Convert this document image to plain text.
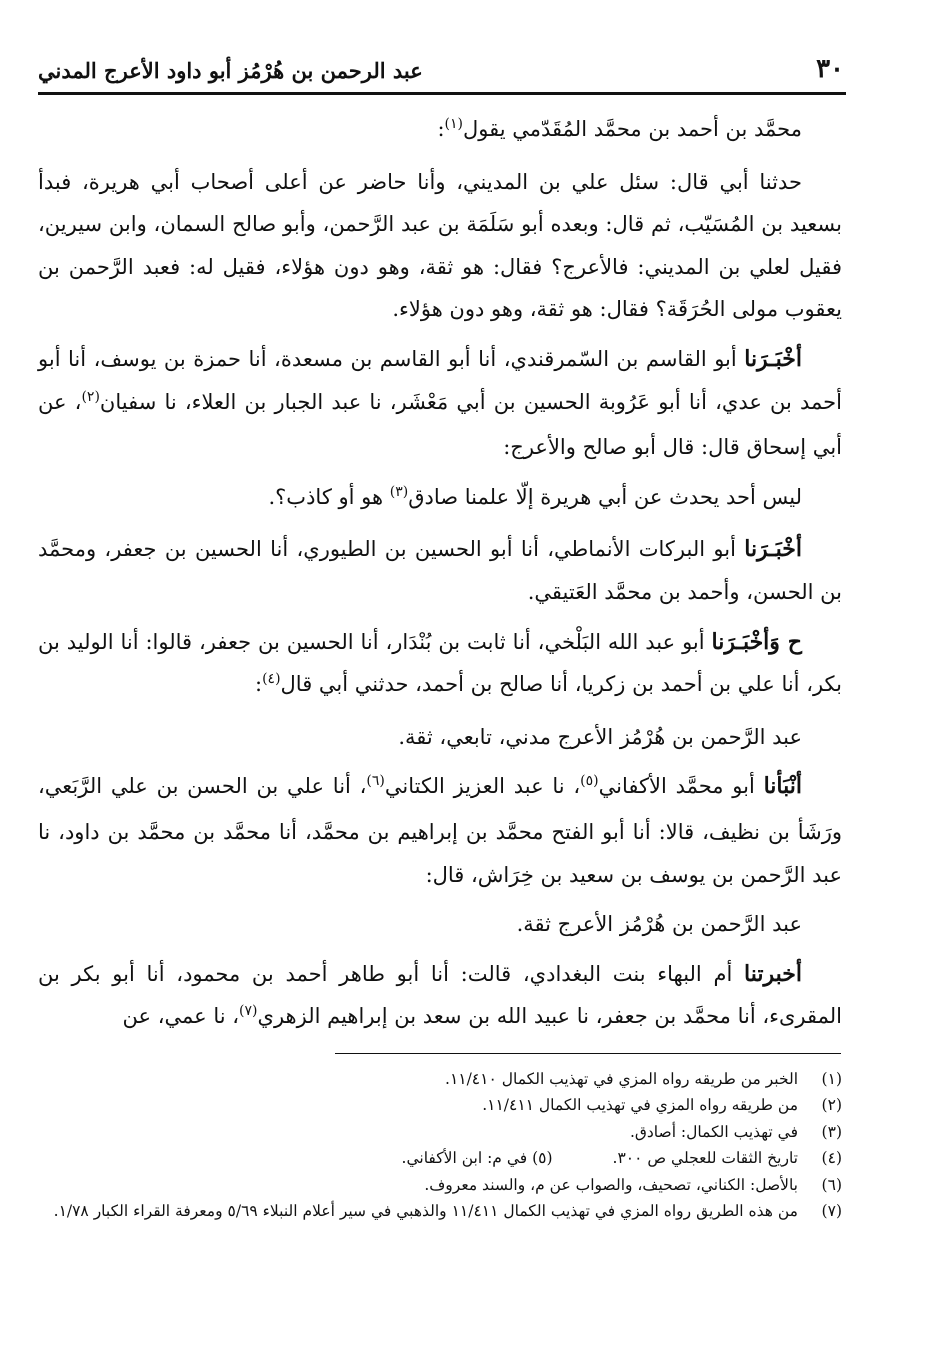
٣٠
عبد الرحمن بن هُرْمُز أبو داود الأعرج المدني

محمَّد بن أحمد بن محمَّد المُقَدّمي يقول$^{(١)}$:

حدثنا أبي قال: سئل علي بن المديني، وأنا حاضر عن أعلى أصحاب أبي هريرة، فبدأ بسعيد بن المُسَيّب، ثم قال: وبعده أبو سَلَمَة بن عبد الرَّحمن، وأبو صالح السمان، وابن سيرين، فقيل لعلي بن المديني: فالأعرج؟ فقال: هو ثقة، وهو دون هؤلاء، فقيل له: فعبد الرَّحمن بن يعقوب مولى الحُرَقَة؟ فقال: هو ثقة، وهو دون هؤلاء.

أخْبَـرَنا أبو القاسم بن السّمرقندي، أنا أبو القاسم بن مسعدة، أنا حمزة بن يوسف، أنا أبو أحمد بن عدي، أنا أبو عَرُوبة الحسين بن أبي مَعْشَر، نا عبد الجبار بن العلاء، نا سفيان$^{(٢)}$، عن أبي إسحاق قال: قال أبو صالح والأعرج:

ليس أحد يحدث عن أبي هريرة إلّا علمنا صادق$^{(٣)}$ هو أو كاذب؟.

أخْبَـرَنا أبو البركات الأنماطي، أنا أبو الحسين بن الطيوري، أنا الحسين بن جعفر، ومحمَّد بن الحسن، وأحمد بن محمَّد العَتيقي.

ح وَأخْبَـرَنا أبو عبد الله البَلْخي، أنا ثابت بن بُنْدَار، أنا الحسين بن جعفر، قالوا: أنا الوليد بن بكر، أنا علي بن أحمد بن زكريا، أنا صالح بن أحمد، حدثني أبي قال$^{(٤)}$:

عبد الرَّحمن بن هُرْمُز الأعرج مدني، تابعي، ثقة.

أنْبَأنا أبو محمَّد الأكفاني$^{(٥)}$، نا عبد العزيز الكتاني$^{(٦)}$، أنا علي بن الحسن بن علي الرَّبَعي، ورَشَأ بن نظيف، قالا: أنا أبو الفتح محمَّد بن إبراهيم بن محمَّد، أنا محمَّد بن محمَّد بن داود، نا عبد الرَّحمن بن يوسف بن سعيد بن خِرَاش، قال:

عبد الرَّحمن بن هُرْمُز الأعرج ثقة.

أخبرتنا أم البهاء بنت البغدادي، قالت: أنا أبو طاهر أحمد بن محمود، أنا أبو بكر بن المقرىء، أنا محمَّد بن جعفر، نا عبيد الله بن سعد بن إبراهيم الزهري$^{(٧)}$، نا عمي، عن

(١)
الخبر من طريقه رواه المزي في تهذيب الكمال ١١/٤١٠.
(٢)
من طريقه رواه المزي في تهذيب الكمال ١١/٤١١.
(٣)
في تهذيب الكمال: أصادق.
(٤)
تاريخ الثقات للعجلي ص ٣٠٠.(٥) في م: ابن الأكفاني.
(٦)
بالأصل: الكناني، تصحيف، والصواب عن م، والسند معروف.
(٧)
من هذه الطريق رواه المزي في تهذيب الكمال ١١/٤١١ والذهبي في سير أعلام النبلاء ٥/٦٩ ومعرفة القراء الكبار ١/٧٨.
